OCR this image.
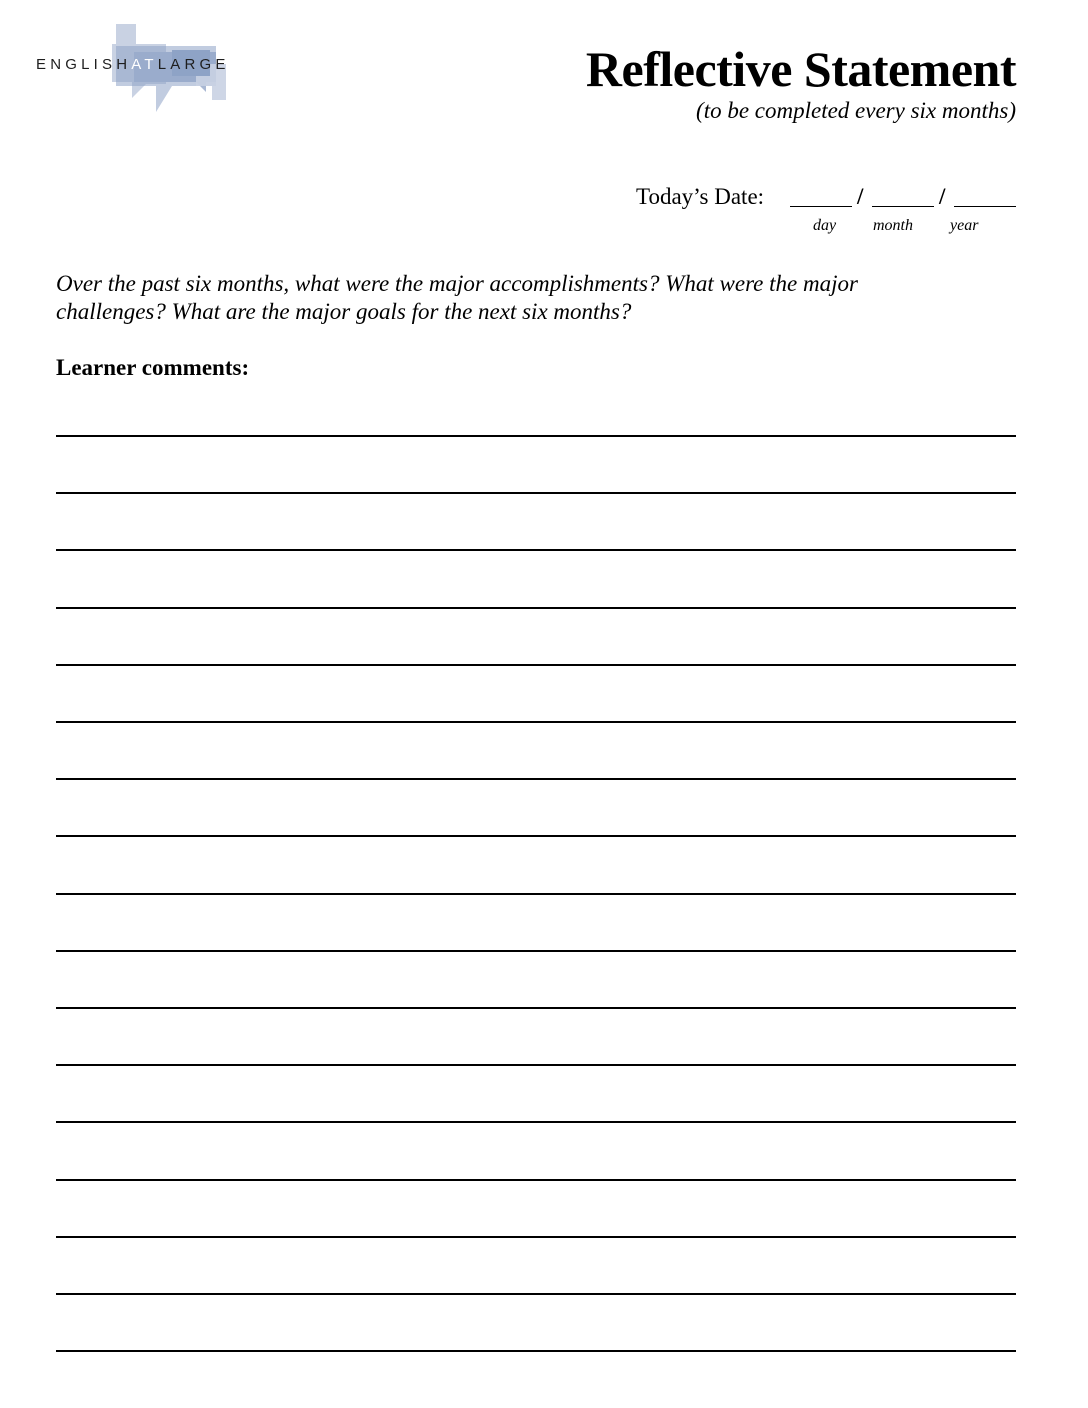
ENGLISHATLARGE	Reflective Statement
(to be completed every six months)
Today’s Date:	/	/
day month year
Over the past six months, what were the major accomplishments? What were the major
challenges? What are the major goals for the next six months?
Learner comments:
